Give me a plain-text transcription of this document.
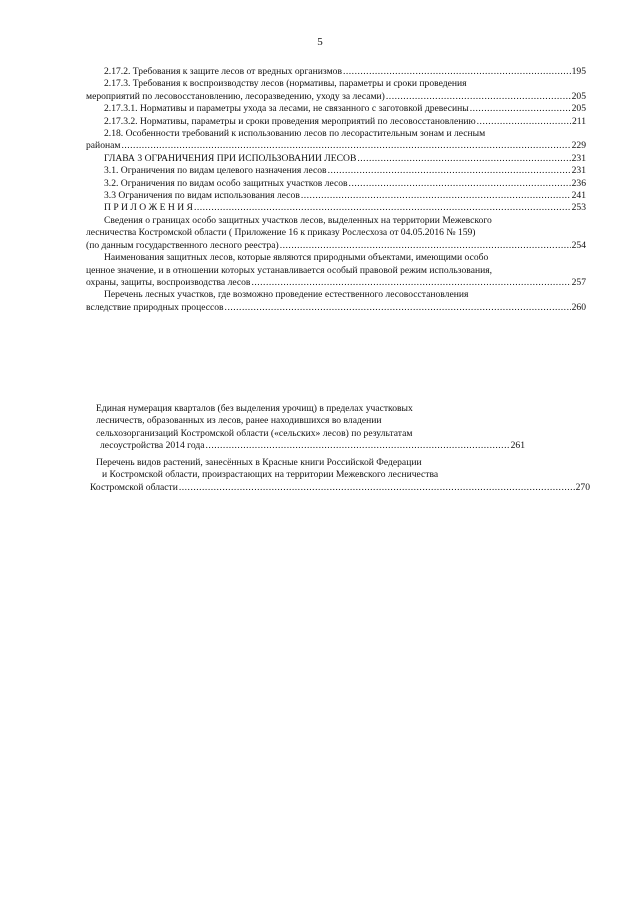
5
2.17.2. Требования к защите лесов от вредных организмов .....	195
2.17.3. Требования к воспроизводству лесов (нормативы, параметры и сроки проведения
мероприятий по лесовосстановлению, лесоразведению, уходу за лесами) .....	205
2.17.3.1. Нормативы и параметры ухода за лесами, не связанного с заготовкой древесины .....	205
2.17.3.2. Нормативы, параметры и сроки проведения мероприятий по лесовосстановлению .....	211
2.18. Особенности требований к использованию лесов по лесорастительным зонам и лесным
районам .....	229
ГЛАВА 3 ОГРАНИЧЕНИЯ ПРИ ИСПОЛЬЗОВАНИИ ЛЕСОВ .....	231
3.1. Ограничения по видам целевого назначения лесов .....	231
3.2. Ограничения по видам особо защитных участков лесов .....	236
3.3 Ограничения по видам использования лесов .....	241
П Р И Л О Ж Е Н И Я .....	253
Сведения о границах особо защитных участков лесов, выделенных на территории Межевского
лесничества Костромской области ( Приложение 16 к приказу Рослесхоза от 04.05.2016 № 159)
(по данным государственного лесного реестра) .....	254
Наименования защитных лесов, которые являются природными объектами, имеющими особо
ценное значение, и в отношении которых устанавливается особый правовой режим использования,
охраны, защиты, воспроизводства лесов .....	257
Перечень лесных участков, где возможно проведение естественного лесовосстановления
вследствие природных процессов .....	260
Единая нумерация кварталов (без выделения урочищ) в пределах участковых
лесничеств, образованных из лесов, ранее находившихся во владении
сельхозорганизаций Костромской области («сельских» лесов) по результатам
лесоустройства 2014 года .....	261
Перечень видов растений, занесённых в Красные книги Российской Федерации
и Костромской области, произрастающих на территории Межевского лесничества
Костромской области .....	270
